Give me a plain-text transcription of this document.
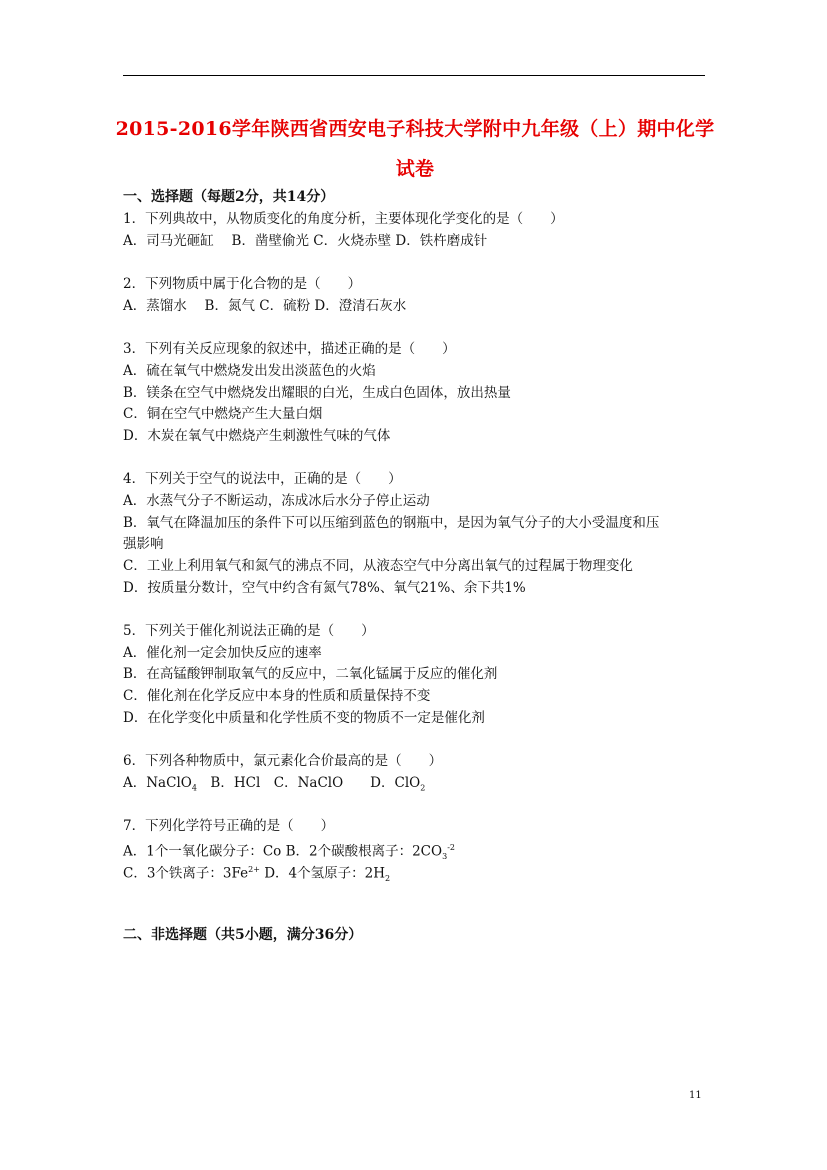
2015-2016学年陕西省西安电子科技大学附中九年级（上）期中化学
试卷
一、选择题（每题2分，共14分）
1．下列典故中，从物质变化的角度分析，主要体现化学变化的是（　　）
A．司马光砸缸　 B．凿壁偷光 C．火烧赤壁 D．铁杵磨成针
2．下列物质中属于化合物的是（　　）
A．蒸馏水　 B．氮气 C．硫粉 D．澄清石灰水
3．下列有关反应现象的叙述中，描述正确的是（　　）
A．硫在氧气中燃烧发出发出淡蓝色的火焰
B．镁条在空气中燃烧发出耀眼的白光，生成白色固体，放出热量
C．铜在空气中燃烧产生大量白烟
D．木炭在氧气中燃烧产生刺激性气味的气体
4．下列关于空气的说法中，正确的是（　　）
A．水蒸气分子不断运动，冻成冰后水分子停止运动
B．氧气在降温加压的条件下可以压缩到蓝色的钢瓶中，是因为氧气分子的大小受温度和压
强影响
C．工业上利用氧气和氮气的沸点不同，从液态空气中分离出氧气的过程属于物理变化
D．按质量分数计，空气中约含有氮气78%、氧气21%、余下共1%
5．下列关于催化剂说法正确的是（　　）
A．催化剂一定会加快反应的速率
B．在高锰酸钾制取氧气的反应中，二氧化锰属于反应的催化剂
C．催化剂在化学反应中本身的性质和质量保持不变
D．在化学变化中质量和化学性质不变的物质不一定是催化剂
6．下列各种物质中，氯元素化合价最高的是（　　）
A．NaClO$_4$　B．HCl　C．NaClO　　D．ClO$_2$
7．下列化学符号正确的是（　　）
A．1个一氧化碳分子：Co B．2个碳酸根离子：$2CO_3^{-2}$
C．3个铁离子：$3Fe^{2+}$ D．4个氢原子：$2H_2$
二、非选择题（共5小题，满分36分）
11
